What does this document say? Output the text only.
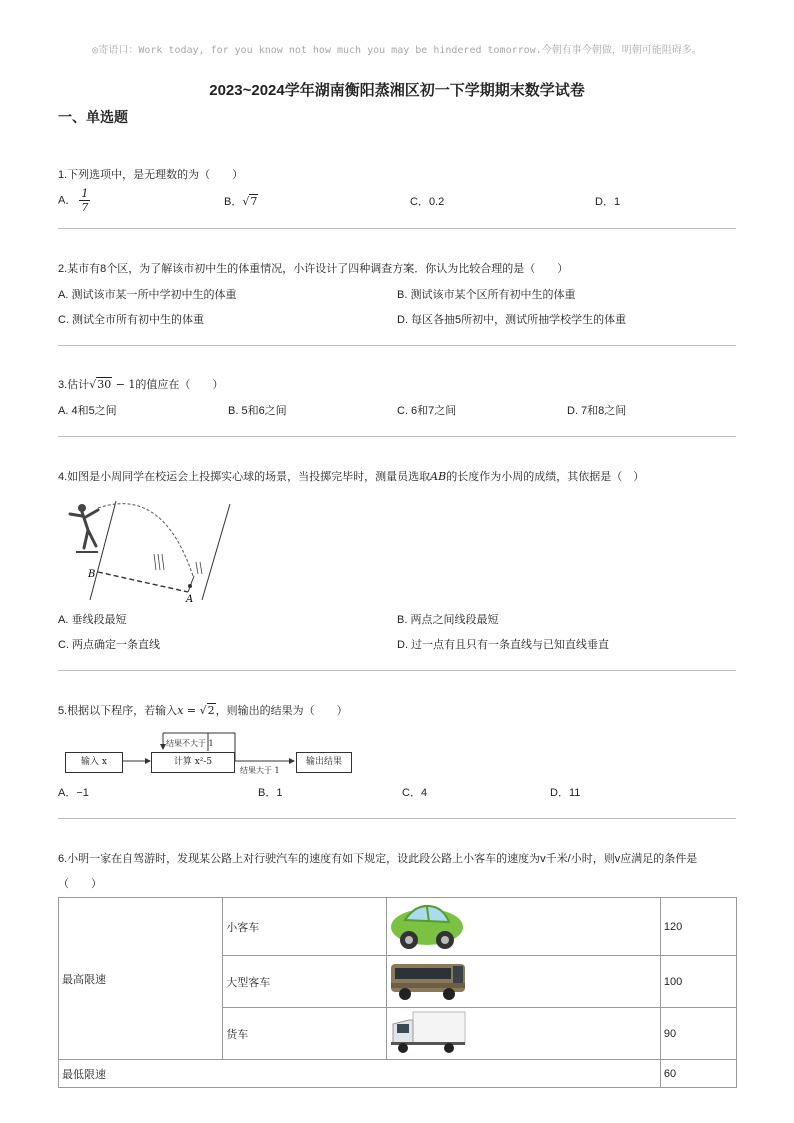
◎寄语口：Work today, for you know not how much you may be hindered tomorrow.今朝有事今朝做，明朝可能阻碍多。
2023~2024学年湖南衡阳蒸湘区初一下学期期末数学试卷
一、单选题
1.下列选项中，是无理数的为（　　）
A． $\frac{1}{7}$	B．√7	C．0.2	D．1
2.某市有8个区，为了解该市初中生的体重情况，小许设计了四种调查方案．你认为比较合理的是（　　）
A. 测试该市某一所中学初中生的体重	B. 测试该市某个区所有初中生的体重
C. 测试全市所有初中生的体重	D. 每区各抽5所初中，测试所抽学校学生的体重
3.估计√30 − 1的值应在（　　）
A. 4和5之间	B. 5和6之间	C. 6和7之间	D. 7和8之间
4.如图是小周同学在校运会上投掷实心球的场景，当投掷完毕时，测量员选取AB的长度作为小周的成绩，其依据是（　）
B
A
A. 垂线段最短	B. 两点之间线段最短
C. 两点确定一条直线	D. 过一点有且只有一条直线与已知直线垂直
5.根据以下程序，若输入x = √2，则输出的结果为（　　）
输入 x	计算 x²-5	输出结果
结果不大于 1
结果大于 1
A．−1	B．1	C．4	D．11
6.小明一家在自驾游时，发现某公路上对行驶汽车的速度有如下规定，设此段公路上小客车的速度为v千米/小时，则v应满足的条件是
（　　）
最高限速	小客车		120
	大型客车		100
	货车		90
最低限速			60
